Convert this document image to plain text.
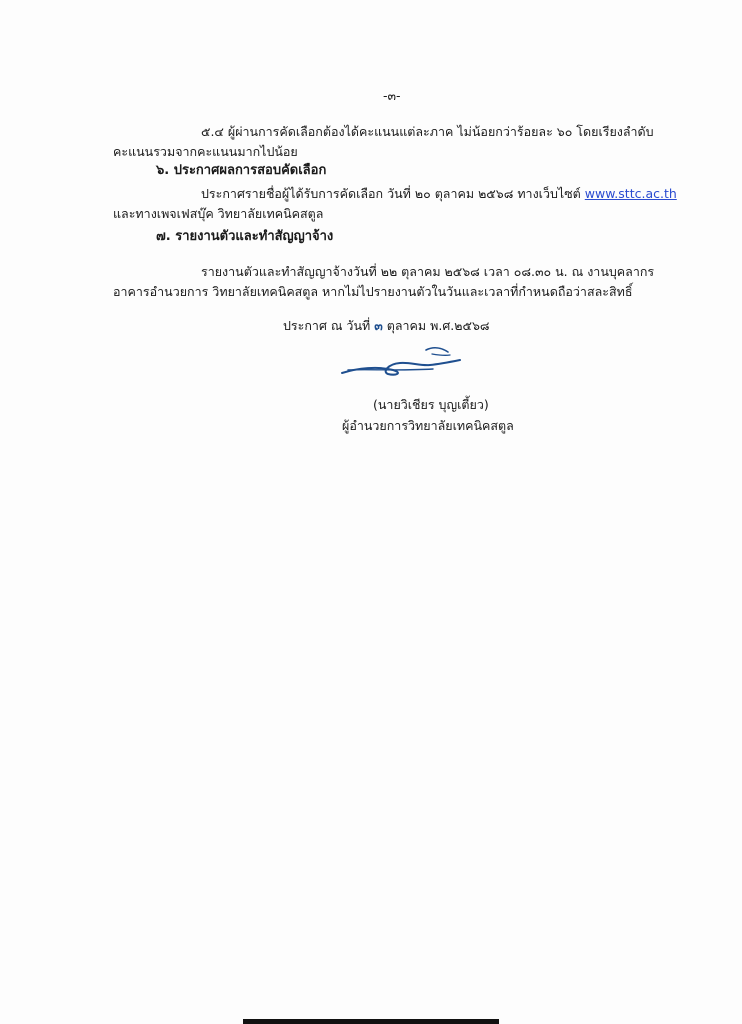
-๓-
๕.๔ ผู้ผ่านการคัดเลือกต้องได้คะแนนแต่ละภาค ไม่น้อยกว่าร้อยละ ๖๐ โดยเรียงลำดับ
คะแนนรวมจากคะแนนมากไปน้อย
๖. ประกาศผลการสอบคัดเลือก
ประกาศรายชื่อผู้ได้รับการคัดเลือก วันที่ ๒๐ ตุลาคม ๒๕๖๘ ทางเว็บไซต์ www.sttc.ac.th
และทางเพจเฟสบุ๊ค วิทยาลัยเทคนิคสตูล
๗. รายงานตัวและทำสัญญาจ้าง
รายงานตัวและทำสัญญาจ้างวันที่ ๒๒ ตุลาคม ๒๕๖๘ เวลา ๐๘.๓๐ น. ณ งานบุคลากร
อาคารอำนวยการ วิทยาลัยเทคนิคสตูล หากไม่ไปรายงานตัวในวันและเวลาที่กำหนดถือว่าสละสิทธิ์
ประกาศ ณ วันที่ ๓ ตุลาคม พ.ศ.๒๕๖๘
(นายวิเชียร บุญเตี้ยว)
ผู้อำนวยการวิทยาลัยเทคนิคสตูล
